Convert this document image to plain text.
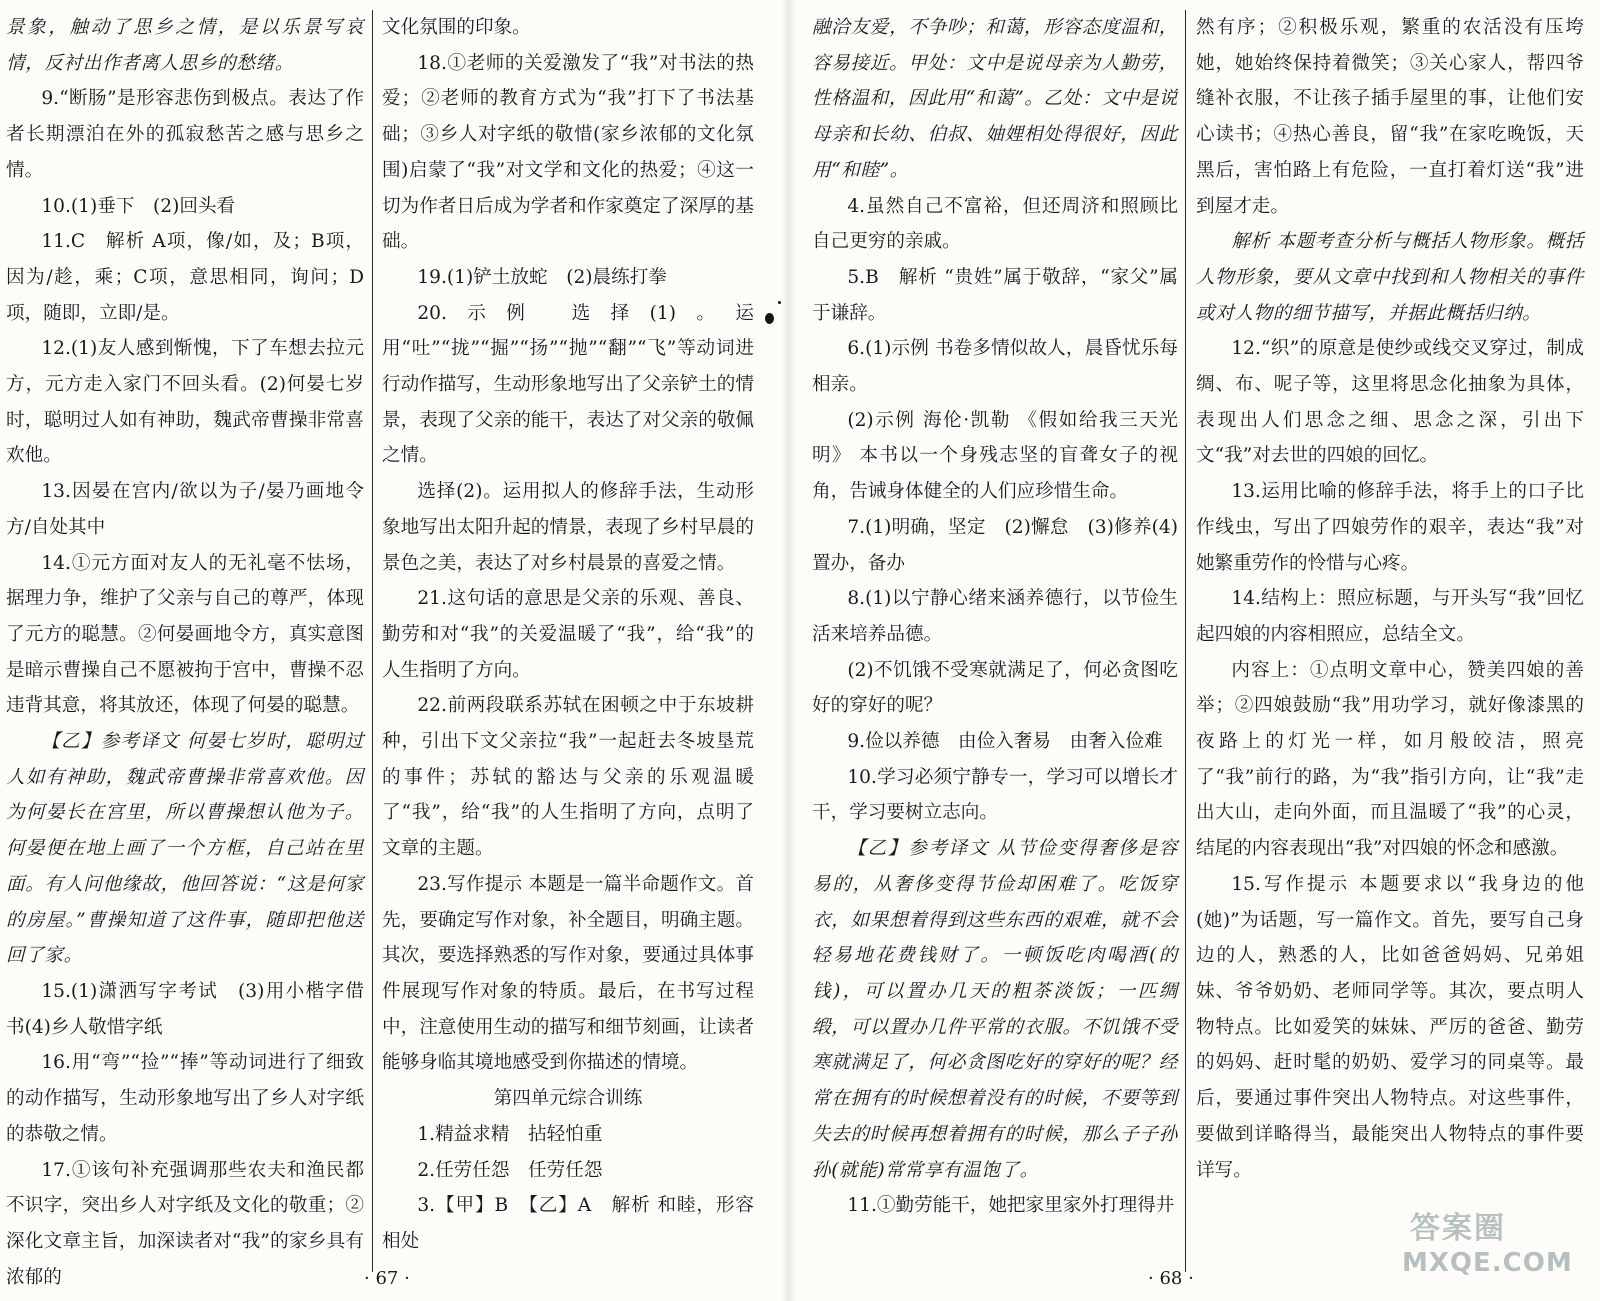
景象，触动了思乡之情，是以乐景写哀情，反衬出作者离人思乡的愁绪。

9.“断肠”是形容悲伤到极点。表达了作者长期漂泊在外的孤寂愁苦之感与思乡之情。

10.(1)垂下　(2)回头看

11.C　解析 A项，像/如，及；B项，因为/趁，乘；C项，意思相同，询问；D项，随即，立即/是。

12.(1)友人感到惭愧，下了车想去拉元方，元方走入家门不回头看。(2)何晏七岁时，聪明过人如有神助，魏武帝曹操非常喜欢他。

13.因晏在宫内/欲以为子/晏乃画地令方/自处其中

14.①元方面对友人的无礼毫不怯场，据理力争，维护了父亲与自己的尊严，体现了元方的聪慧。②何晏画地令方，真实意图是暗示曹操自己不愿被拘于宫中，曹操不忍违背其意，将其放还，体现了何晏的聪慧。

【乙】参考译文 何晏七岁时，聪明过人如有神助，魏武帝曹操非常喜欢他。因为何晏长在宫里，所以曹操想认他为子。何晏便在地上画了一个方框，自己站在里面。有人问他缘故，他回答说：“这是何家的房屋。”曹操知道了这件事，随即把他送回了家。

15.(1)潇洒写字考试　(3)用小楷字借书(4)乡人敬惜字纸

16.用“弯”“捡”“捧”等动词进行了细致的动作描写，生动形象地写出了乡人对字纸的恭敬之情。

17.①该句补充强调那些农夫和渔民都不识字，突出乡人对字纸及文化的敬重；②深化文章主旨，加深读者对“我”的家乡具有浓郁的

文化氛围的印象。

18.①老师的关爱激发了“我”对书法的热爱；②老师的教育方式为“我”打下了书法基础；③乡人对字纸的敬惜(家乡浓郁的文化氛围)启蒙了“我”对文学和文化的热爱；④这一切为作者日后成为学者和作家奠定了深厚的基础。

19.(1)铲土放蛇　(2)晨练打拳

20.示例 选择(1)。运用“吐”“拢”“掘”“扬”“抛”“翻”“飞”等动词进行动作描写，生动形象地写出了父亲铲土的情景，表现了父亲的能干，表达了对父亲的敬佩之情。

选择(2)。运用拟人的修辞手法，生动形象地写出太阳升起的情景，表现了乡村早晨的景色之美，表达了对乡村晨景的喜爱之情。

21.这句话的意思是父亲的乐观、善良、勤劳和对“我”的关爱温暖了“我”，给“我”的人生指明了方向。

22.前两段联系苏轼在困顿之中于东坡耕种，引出下文父亲拉“我”一起赶去冬坡垦荒的事件；苏轼的豁达与父亲的乐观温暖了“我”，给“我”的人生指明了方向，点明了文章的主题。

23.写作提示 本题是一篇半命题作文。首先，要确定写作对象，补全题目，明确主题。其次，要选择熟悉的写作对象，要通过具体事件展现写作对象的特质。最后，在书写过程中，注意使用生动的描写和细节刻画，让读者能够身临其境地感受到你描述的情境。

第四单元综合训练

1.精益求精　拈轻怕重

2.任劳任怨　任劳任怨

3.【甲】B　【乙】A　解析 和睦，形容相处

融洽友爱，不争吵；和蔼，形容态度温和，容易接近。甲处：文中是说母亲为人勤劳，性格温和，因此用“和蔼”。乙处：文中是说母亲和长幼、伯叔、妯娌相处得很好，因此用“和睦”。

4.虽然自己不富裕，但还周济和照顾比自己更穷的亲戚。

5.B　解析 “贵姓”属于敬辞，“家父”属于谦辞。

6.(1)示例 书卷多情似故人，晨昏忧乐每相亲。

(2)示例 海伦·凯勒 《假如给我三天光明》 本书以一个身残志坚的盲聋女子的视角，告诫身体健全的人们应珍惜生命。

7.(1)明确，坚定　(2)懈怠　(3)修养(4)置办，备办

8.(1)以宁静心绪来涵养德行，以节俭生活来培养品德。

(2)不饥饿不受寒就满足了，何必贪图吃好的穿好的呢？

9.俭以养德　由俭入奢易　由奢入俭难

10.学习必须宁静专一，学习可以增长才干，学习要树立志向。

【乙】参考译文 从节俭变得奢侈是容易的，从奢侈变得节俭却困难了。吃饭穿衣，如果想着得到这些东西的艰难，就不会轻易地花费钱财了。一顿饭吃肉喝酒(的钱)，可以置办几天的粗茶淡饭；一匹绸缎，可以置办几件平常的衣服。不饥饿不受寒就满足了，何必贪图吃好的穿好的呢？经常在拥有的时候想着没有的时候，不要等到失去的时候再想着拥有的时候，那么子子孙孙(就能)常常享有温饱了。

11.①勤劳能干，她把家里家外打理得井

然有序；②积极乐观，繁重的农活没有压垮她，她始终保持着微笑；③关心家人，帮四爷缝补衣服，不让孩子插手屋里的事，让他们安心读书；④热心善良，留“我”在家吃晚饭，天黑后，害怕路上有危险，一直打着灯送“我”进到屋才走。

解析 本题考查分析与概括人物形象。概括人物形象，要从文章中找到和人物相关的事件或对人物的细节描写，并据此概括归纳。

12.“织”的原意是使纱或线交叉穿过，制成绸、布、呢子等，这里将思念化抽象为具体，表现出人们思念之细、思念之深，引出下文“我”对去世的四娘的回忆。

13.运用比喻的修辞手法，将手上的口子比作线虫，写出了四娘劳作的艰辛，表达“我”对她繁重劳作的怜惜与心疼。

14.结构上：照应标题，与开头写“我”回忆起四娘的内容相照应，总结全文。

内容上：①点明文章中心，赞美四娘的善举；②四娘鼓励“我”用功学习，就好像漆黑的夜路上的灯光一样，如月般皎洁，照亮了“我”前行的路，为“我”指引方向，让“我”走出大山，走向外面，而且温暖了“我”的心灵，结尾的内容表现出“我”对四娘的怀念和感激。

15.写作提示 本题要求以“我身边的他(她)”为话题，写一篇作文。首先，要写自己身边的人，熟悉的人，比如爸爸妈妈、兄弟姐妹、爷爷奶奶、老师同学等。其次，要点明人物特点。比如爱笑的妹妹、严厉的爸爸、勤劳的妈妈、赶时髦的奶奶、爱学习的同桌等。最后，要通过事件突出人物特点。对这些事件，要做到详略得当，最能突出人物特点的事件要详写。

· 67 ·	· 68 ·
答案圈
MXQE.COM
